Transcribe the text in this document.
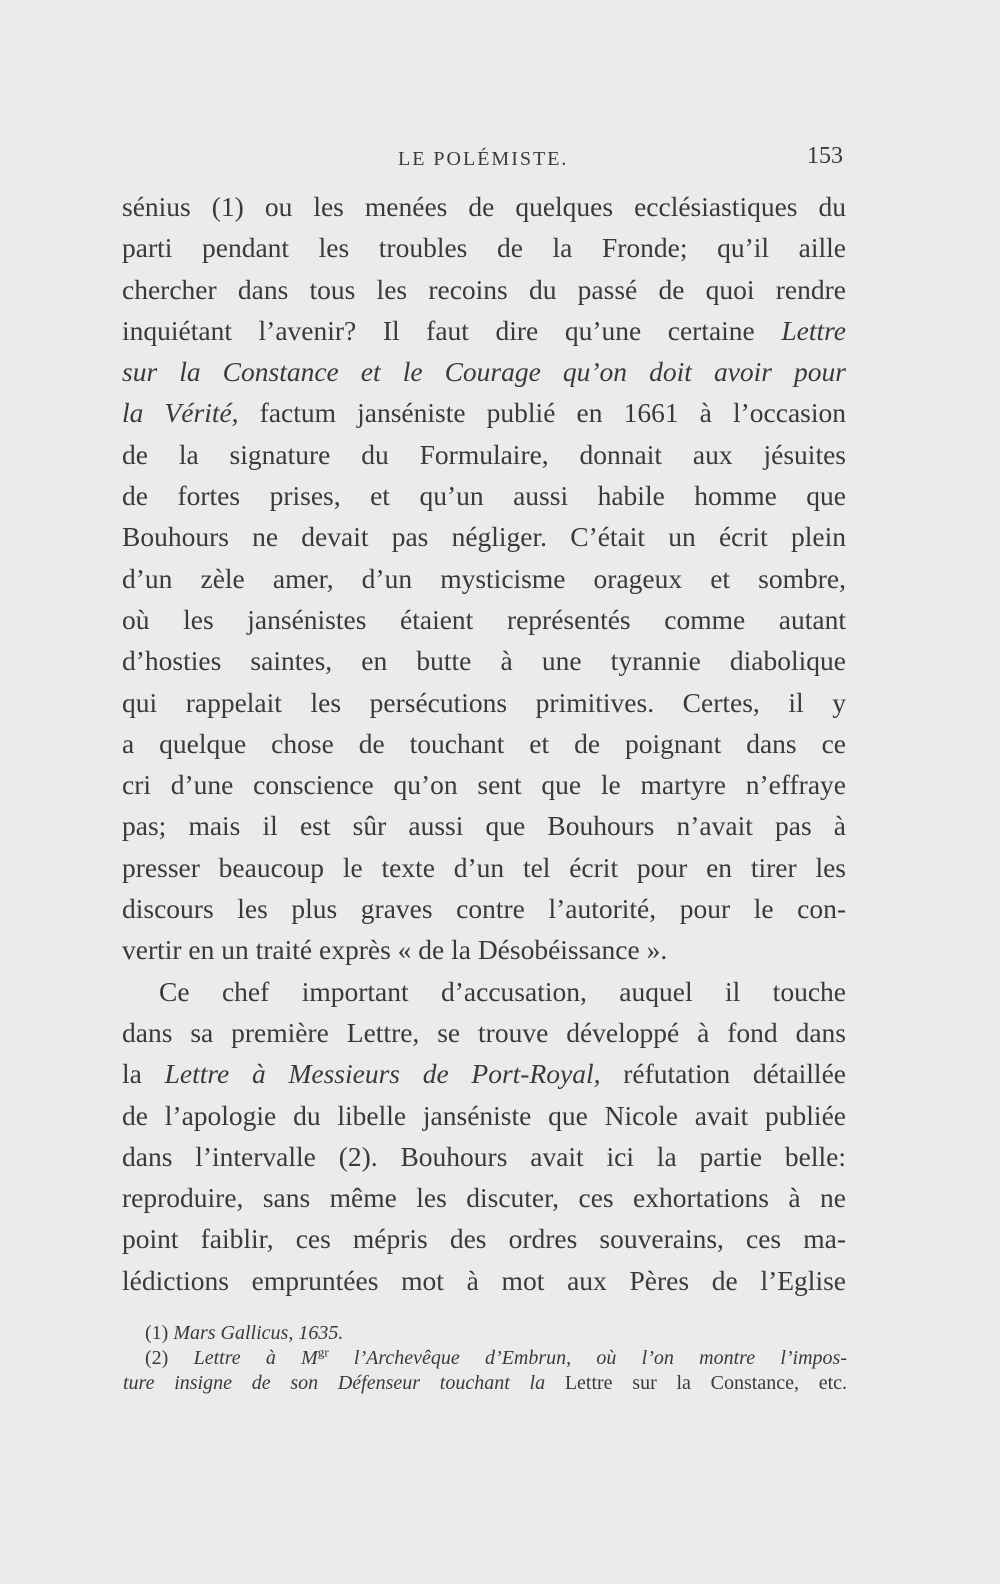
LE POLÉMISTE.	153
sénius (1) ou les menées de quelques ecclésiastiques du
parti pendant les troubles de la Fronde; qu’il aille
chercher dans tous les recoins du passé de quoi rendre
inquiétant l’avenir? Il faut dire qu’une certaine Lettre
sur la Constance et le Courage qu’on doit avoir pour
la Vérité, factum janséniste publié en 1661 à l’occasion
de la signature du Formulaire, donnait aux jésuites
de fortes prises, et qu’un aussi habile homme que
Bouhours ne devait pas négliger. C’était un écrit plein
d’un zèle amer, d’un mysticisme orageux et sombre,
où les jansénistes étaient représentés comme autant
d’hosties saintes, en butte à une tyrannie diabolique
qui rappelait les persécutions primitives. Certes, il y
a quelque chose de touchant et de poignant dans ce
cri d’une conscience qu’on sent que le martyre n’effraye
pas; mais il est sûr aussi que Bouhours n’avait pas à
presser beaucoup le texte d’un tel écrit pour en tirer les
discours les plus graves contre l’autorité, pour le con-
vertir en un traité exprès « de la Désobéissance ».
Ce chef important d’accusation, auquel il touche
dans sa première Lettre, se trouve développé à fond dans
la Lettre à Messieurs de Port-Royal, réfutation détaillée
de l’apologie du libelle janséniste que Nicole avait publiée
dans l’intervalle (2). Bouhours avait ici la partie belle:
reproduire, sans même les discuter, ces exhortations à ne
point faiblir, ces mépris des ordres souverains, ces ma-
lédictions empruntées mot à mot aux Pères de l’Eglise
(1) Mars Gallicus, 1635.
(2) Lettre à $M^{gr}$ l’Archevêque d’Embrun, où l’on montre l’impos-
ture insigne de son Défenseur touchant la Lettre sur la Constance, etc.
